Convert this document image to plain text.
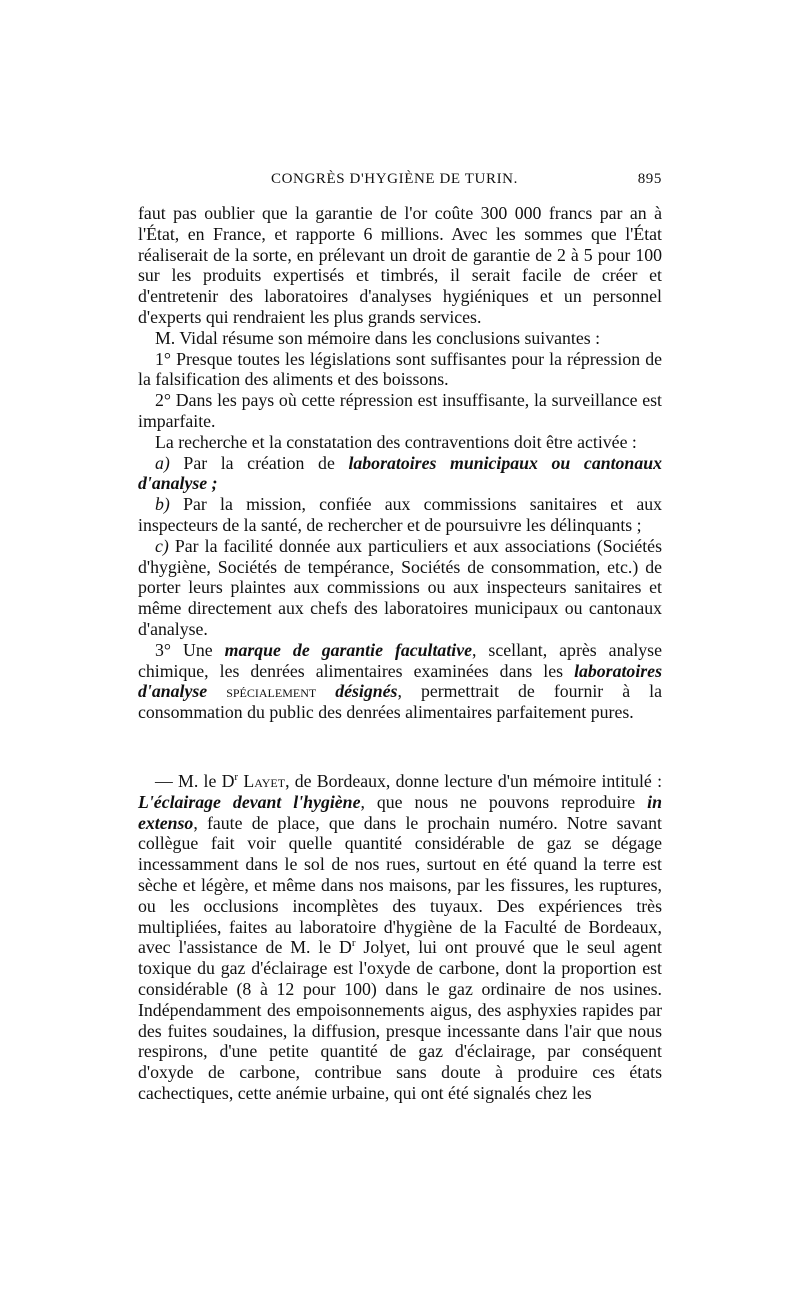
CONGRÈS D'HYGIÈNE DE TURIN.	895

faut pas oublier que la garantie de l'or coûte 300 000 francs par an à l'État, en France, et rapporte 6 millions. Avec les sommes que l'État réaliserait de la sorte, en prélevant un droit de garantie de 2 à 5 pour 100 sur les produits expertisés et timbrés, il serait facile de créer et d'entretenir des laboratoires d'analyses hygiéniques et un personnel d'experts qui rendraient les plus grands services.

M. Vidal résume son mémoire dans les conclusions suivantes :

1° Presque toutes les législations sont suffisantes pour la répression de la falsification des aliments et des boissons.

2° Dans les pays où cette répression est insuffisante, la surveillance est imparfaite.

La recherche et la constatation des contraventions doit être activée :

a) Par la création de laboratoires municipaux ou cantonaux d'analyse ;

b) Par la mission, confiée aux commissions sanitaires et aux inspecteurs de la santé, de rechercher et de poursuivre les délinquants ;

c) Par la facilité donnée aux particuliers et aux associations (Sociétés d'hygiène, Sociétés de tempérance, Sociétés de consommation, etc.) de porter leurs plaintes aux commissions ou aux inspecteurs sanitaires et même directement aux chefs des laboratoires municipaux ou cantonaux d'analyse.

3° Une marque de garantie facultative, scellant, après analyse chimique, les denrées alimentaires examinées dans les laboratoires d'analyse spécialement désignés, permettrait de fournir à la consommation du public des denrées alimentaires parfaitement pures.

— M. le $D^r$ Layet, de Bordeaux, donne lecture d'un mémoire intitulé : L'éclairage devant l'hygiène, que nous ne pouvons reproduire in extenso, faute de place, que dans le prochain numéro. Notre savant collègue fait voir quelle quantité considérable de gaz se dégage incessamment dans le sol de nos rues, surtout en été quand la terre est sèche et légère, et même dans nos maisons, par les fissures, les ruptures, ou les occlusions incomplètes des tuyaux. Des expériences très multipliées, faites au laboratoire d'hygiène de la Faculté de Bordeaux, avec l'assistance de M. le $D^r$ Jolyet, lui ont prouvé que le seul agent toxique du gaz d'éclairage est l'oxyde de carbone, dont la proportion est considérable (8 à 12 pour 100) dans le gaz ordinaire de nos usines. Indépendamment des empoisonnements aigus, des asphyxies rapides par des fuites soudaines, la diffusion, presque incessante dans l'air que nous respirons, d'une petite quantité de gaz d'éclairage, par conséquent d'oxyde de carbone, contribue sans doute à produire ces états cachectiques, cette anémie urbaine, qui ont été signalés chez les
